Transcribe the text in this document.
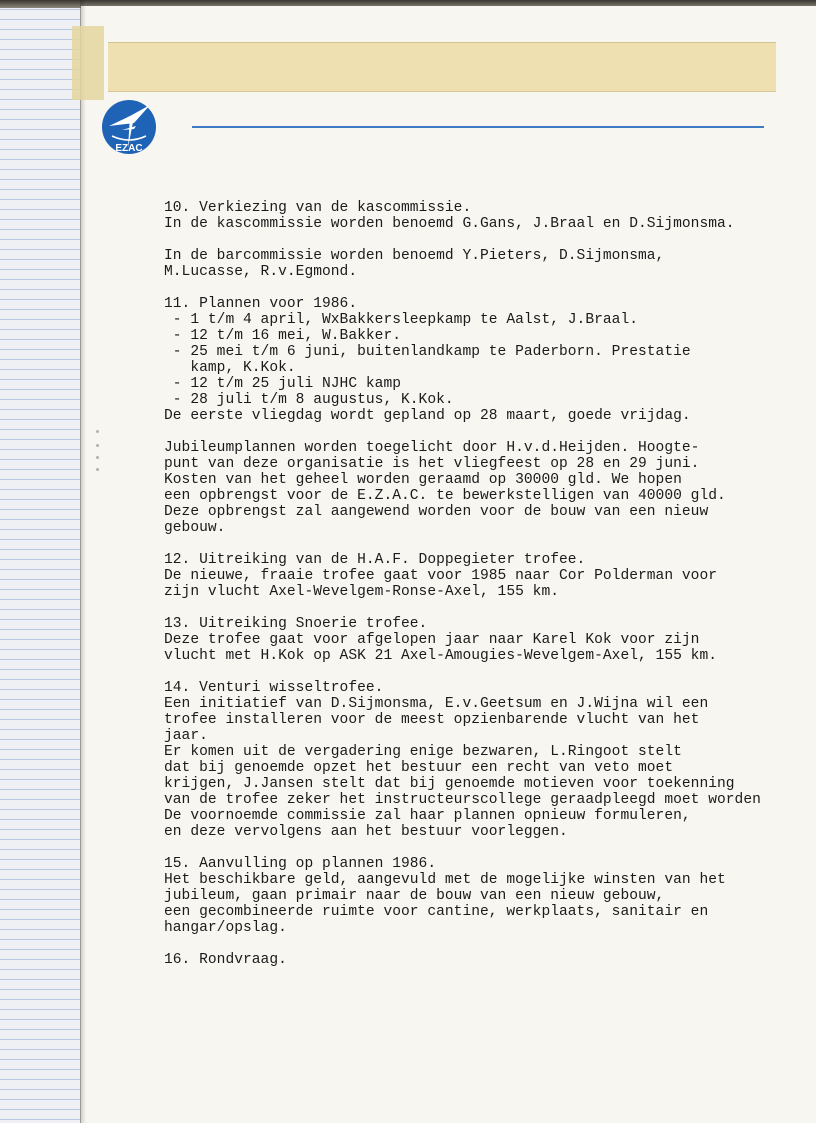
EZAC

10. Verkiezing van de kascommissie.

In de kascommissie worden benoemd G.Gans, J.Braal en D.Sijmonsma.

In de barcommissie worden benoemd Y.Pieters, D.Sijmonsma,

M.Lucasse, R.v.Egmond.

11. Plannen voor 1986.

- 1 t/m 4 april, WxBakkersleepkamp te Aalst, J.Braal.

- 12 t/m 16 mei, W.Bakker.

- 25 mei t/m 6 juni, buitenlandkamp te Paderborn. Prestatie

kamp, K.Kok.

- 12 t/m 25 juli NJHC kamp

- 28 juli t/m 8 augustus, K.Kok.

De eerste vliegdag wordt gepland op 28 maart, goede vrijdag.

Jubileumplannen worden toegelicht door H.v.d.Heijden. Hoogte-

punt van deze organisatie is het vliegfeest op 28 en 29 juni.

Kosten van het geheel worden geraamd op 30000 gld. We hopen

een opbrengst voor de E.Z.A.C. te bewerkstelligen van 40000 gld.

Deze opbrengst zal aangewend worden voor de bouw van een nieuw

gebouw.

12. Uitreiking van de H.A.F. Doppegieter trofee.

De nieuwe, fraaie trofee gaat voor 1985 naar Cor Polderman voor

zijn vlucht Axel-Wevelgem-Ronse-Axel, 155 km.

13. Uitreiking Snoerie trofee.

Deze trofee gaat voor afgelopen jaar naar Karel Kok voor zijn

vlucht met H.Kok op ASK 21 Axel-Amougies-Wevelgem-Axel, 155 km.

14. Venturi wisseltrofee.

Een initiatief van D.Sijmonsma, E.v.Geetsum en J.Wijna wil een

trofee installeren voor de meest opzienbarende vlucht van het

jaar.

Er komen uit de vergadering enige bezwaren, L.Ringoot stelt

dat bij genoemde opzet het bestuur een recht van veto moet

krijgen, J.Jansen stelt dat bij genoemde motieven voor toekenning

van de trofee zeker het instructeurscollege geraadpleegd moet worden

De voornoemde commissie zal haar plannen opnieuw formuleren,

en deze vervolgens aan het bestuur voorleggen.

15. Aanvulling op plannen 1986.

Het beschikbare geld, aangevuld met de mogelijke winsten van het

jubileum, gaan primair naar de bouw van een nieuw gebouw,

een gecombineerde ruimte voor cantine, werkplaats, sanitair en

hangar/opslag.

16. Rondvraag.
